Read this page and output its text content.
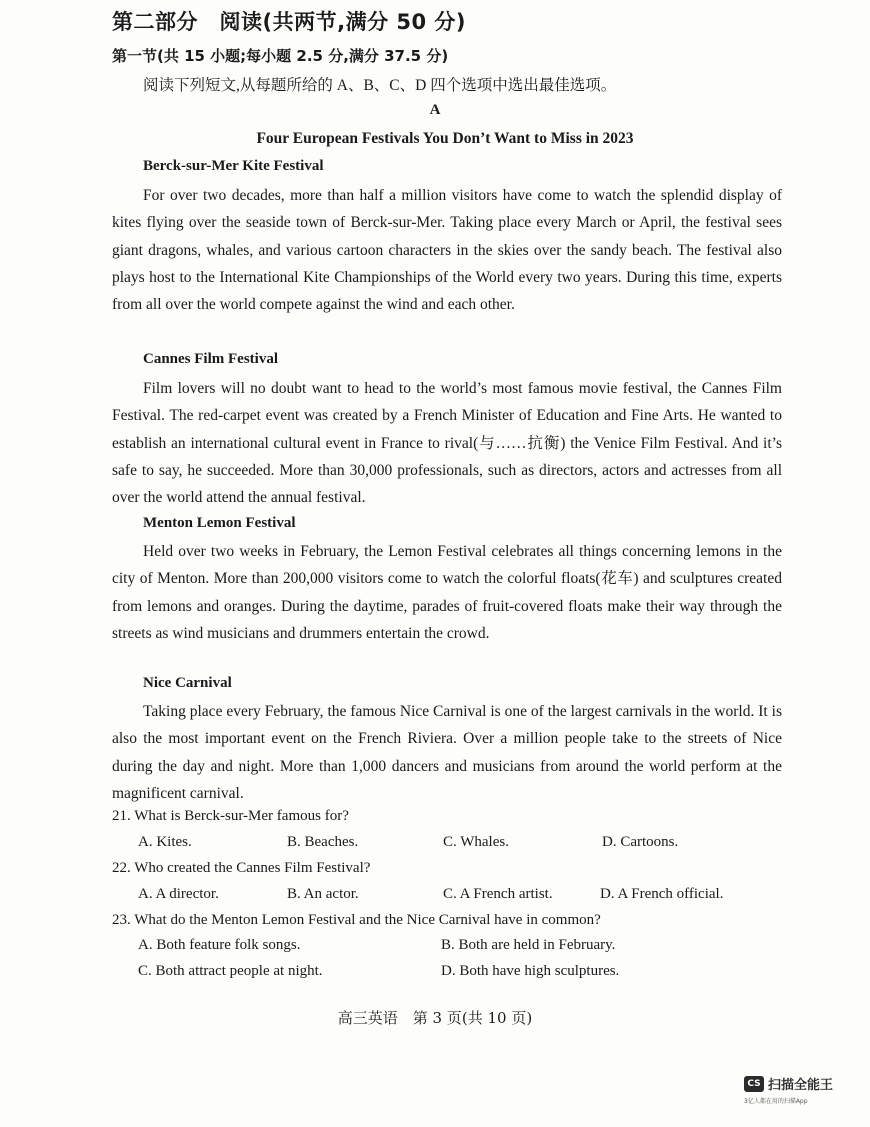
第二部分　阅读(共两节,满分 50 分)
第一节(共 15 小题;每小题 2.5 分,满分 37.5 分)
阅读下列短文,从每题所给的 A、B、C、D 四个选项中选出最佳选项。
A
Four European Festivals You Don’t Want to Miss in 2023
Berck-sur-Mer Kite Festival

For over two decades, more than half a million visitors have come to watch the splendid display of kites flying over the seaside town of Berck-sur-Mer. Taking place every March or April, the festival sees giant dragons, whales, and various cartoon characters in the skies over the sandy beach. The festival also plays host to the International Kite Championships of the World every two years. During this time, experts from all over the world compete against the wind and each other.

Cannes Film Festival

Film lovers will no doubt want to head to the world’s most famous movie festival, the Cannes Film Festival. The red-carpet event was created by a French Minister of Education and Fine Arts. He wanted to establish an international cultural event in France to rival(与……抗衡) the Venice Film Festival. And it’s safe to say, he succeeded. More than 30,000 professionals, such as directors, actors and actresses from all over the world attend the annual festival.

Menton Lemon Festival

Held over two weeks in February, the Lemon Festival celebrates all things concerning lemons in the city of Menton. More than 200,000 visitors come to watch the colorful floats(花车) and sculptures created from lemons and oranges. During the daytime, parades of fruit-covered floats make their way through the streets as wind musicians and drummers entertain the crowd.

Nice Carnival

Taking place every February, the famous Nice Carnival is one of the largest carnivals in the world. It is also the most important event on the French Riviera. Over a million people take to the streets of Nice during the day and night. More than 1,000 dancers and musicians from around the world perform at the magnificent carnival.

21. What is Berck-sur-Mer famous for?
A. Kites.	B. Beaches.	C. Whales.	D. Cartoons.
22. Who created the Cannes Film Festival?
A. A director.	B. An actor.	C. A French artist.	D. A French official.
23. What do the Menton Lemon Festival and the Nice Carnival have in common?
A. Both feature folk songs.	B. Both are held in February.
C. Both attract people at night.	D. Both have high sculptures.
高三英语　第 3 页(共 10 页)
CS 扫描全能王
3亿人都在用的扫描App
